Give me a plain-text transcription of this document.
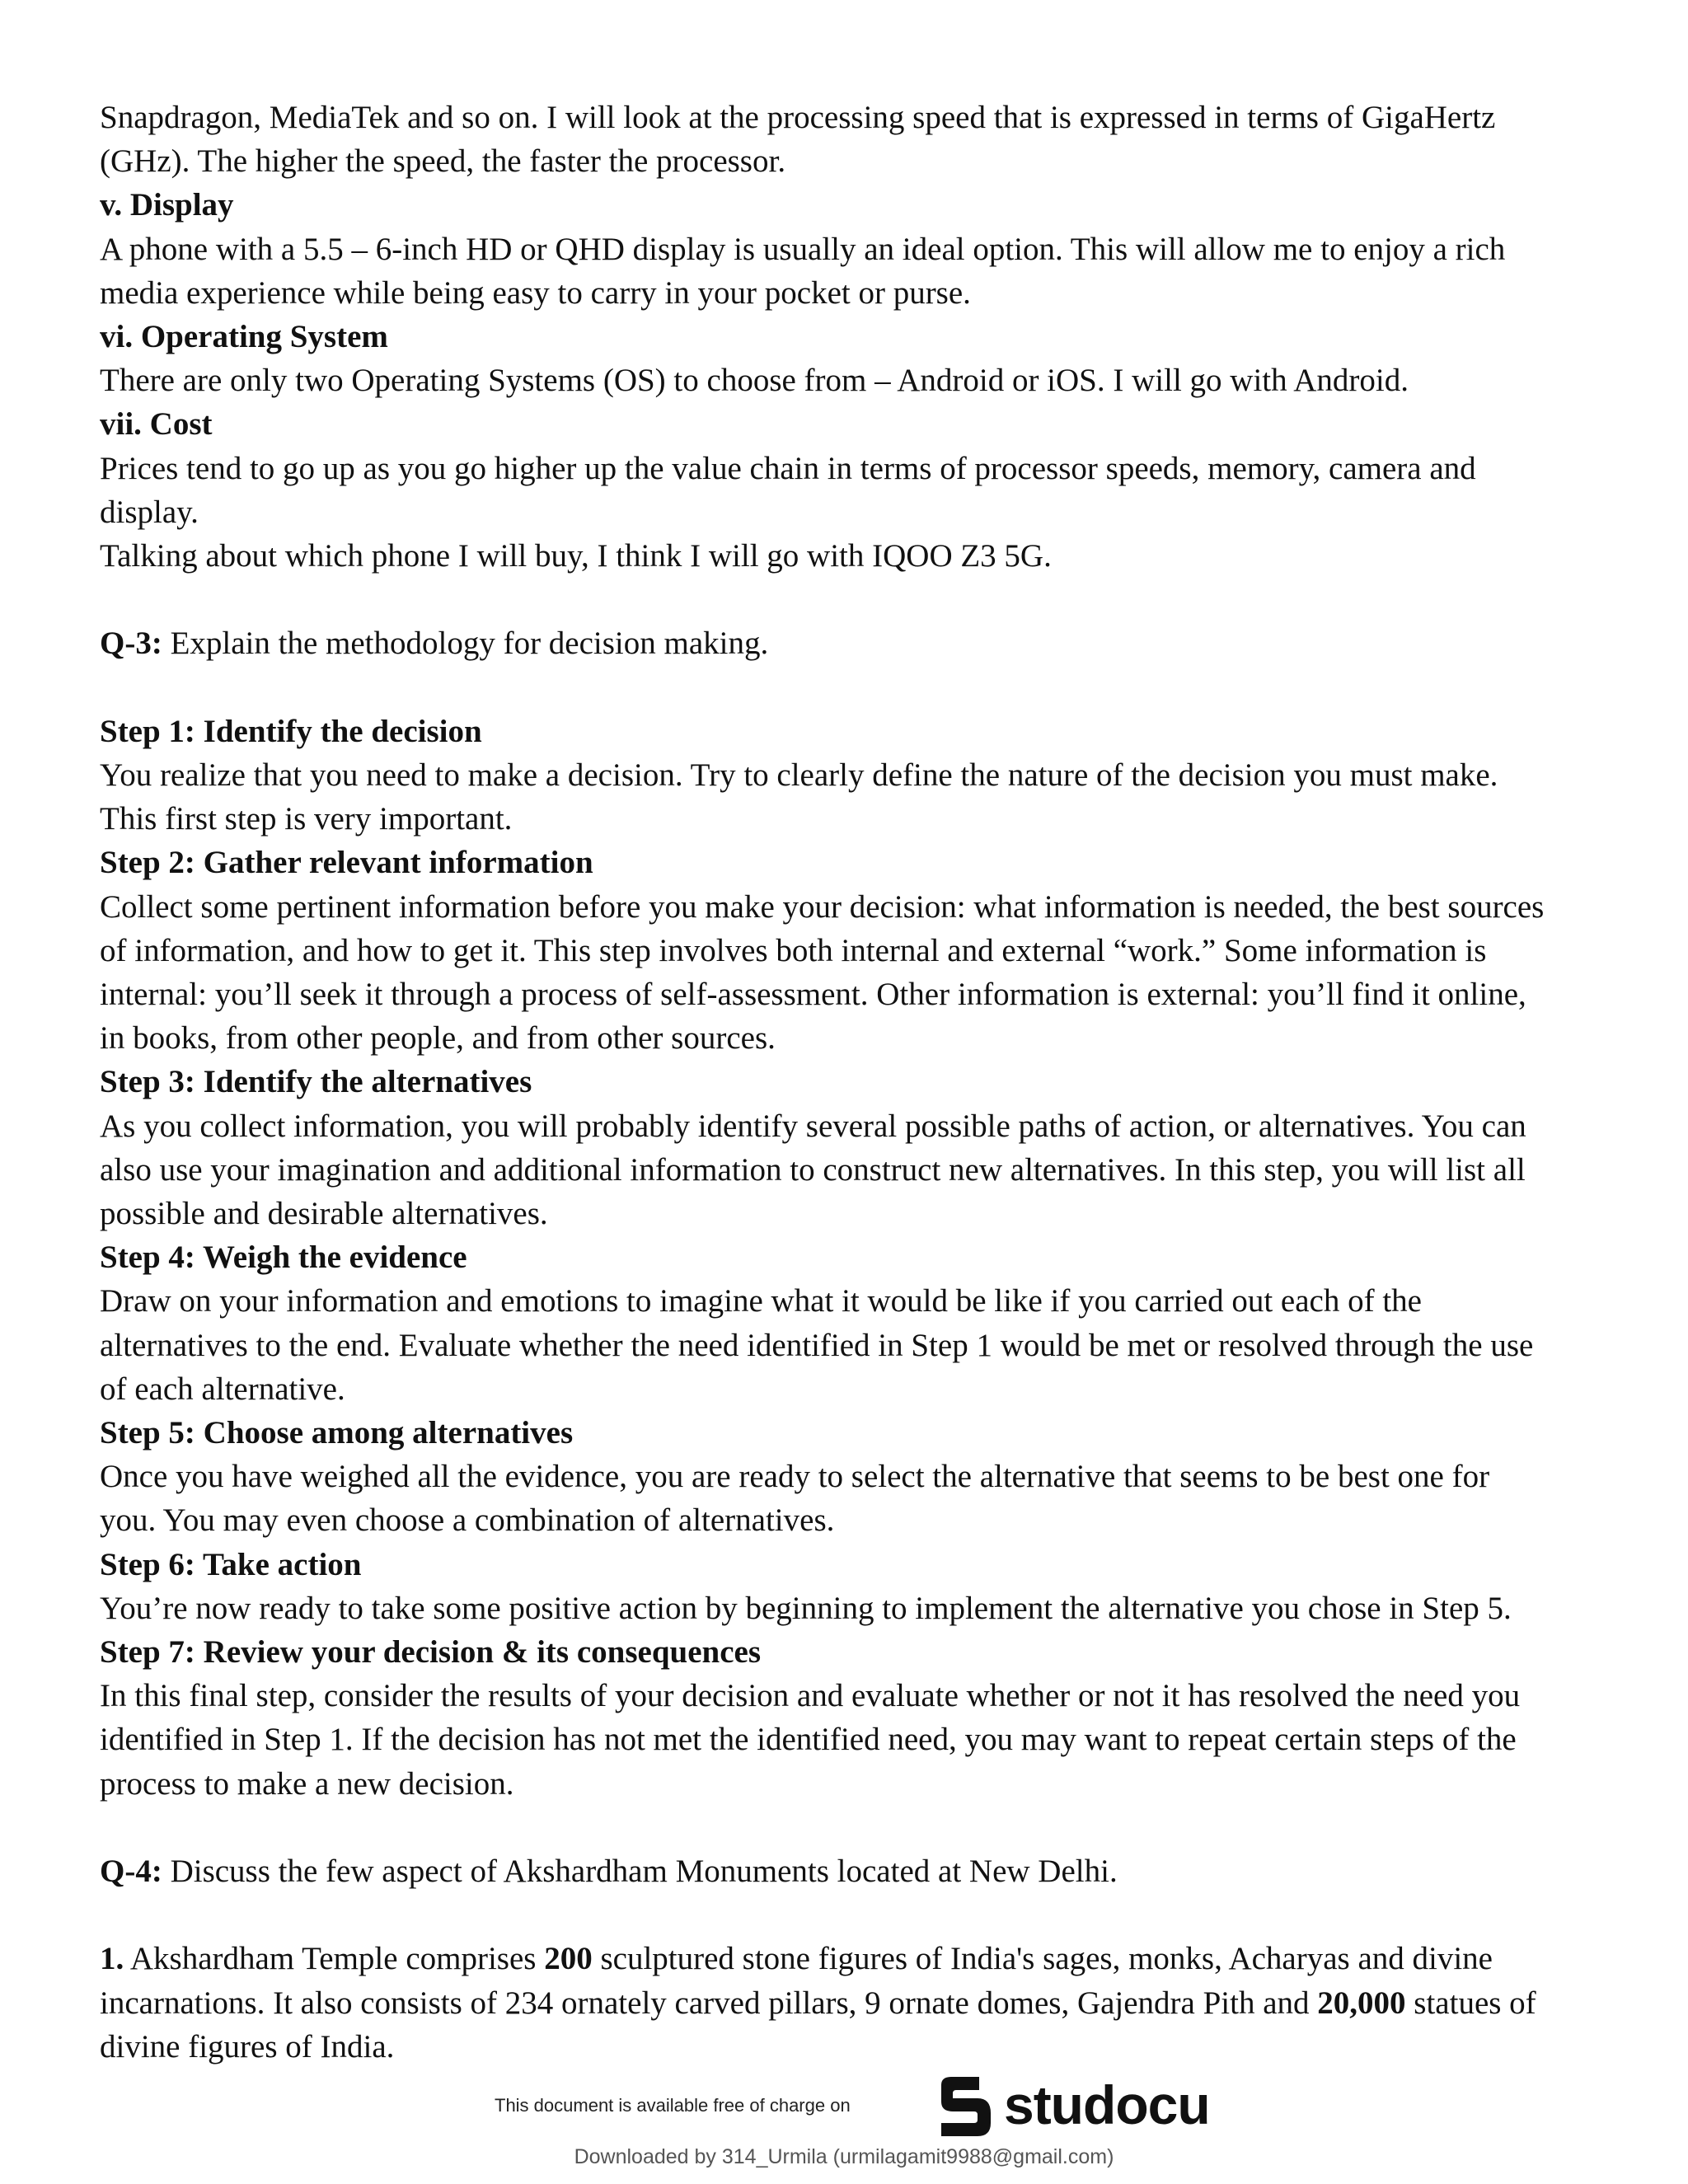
Snapdragon, MediaTek and so on. I will look at the processing speed that is expressed in terms of GigaHertz

(GHz). The higher the speed, the faster the processor.

v. Display

A phone with a 5.5 – 6-inch HD or QHD display is usually an ideal option. This will allow me to enjoy a rich

media experience while being easy to carry in your pocket or purse.

vi. Operating System

There are only two Operating Systems (OS) to choose from – Android or iOS. I will go with Android.

vii. Cost

Prices tend to go up as you go higher up the value chain in terms of processor speeds, memory, camera and

display.

Talking about which phone I will buy, I think I will go with IQOO Z3 5G.

Q-3: Explain the methodology for decision making.

Step 1: Identify the decision

You realize that you need to make a decision. Try to clearly define the nature of the decision you must make.

This first step is very important.

Step 2: Gather relevant information

Collect some pertinent information before you make your decision: what information is needed, the best sources

of information, and how to get it. This step involves both internal and external “work.” Some information is

internal: you’ll seek it through a process of self-assessment. Other information is external: you’ll find it online,

in books, from other people, and from other sources.

Step 3: Identify the alternatives

As you collect information, you will probably identify several possible paths of action, or alternatives. You can

also use your imagination and additional information to construct new alternatives. In this step, you will list all

possible and desirable alternatives.

Step 4: Weigh the evidence

Draw on your information and emotions to imagine what it would be like if you carried out each of the

alternatives to the end. Evaluate whether the need identified in Step 1 would be met or resolved through the use

of each alternative.

Step 5: Choose among alternatives

Once you have weighed all the evidence, you are ready to select the alternative that seems to be best one for

you. You may even choose a combination of alternatives.

Step 6: Take action

You’re now ready to take some positive action by beginning to implement the alternative you chose in Step 5.

Step 7: Review your decision & its consequences

In this final step, consider the results of your decision and evaluate whether or not it has resolved the need you

identified in Step 1. If the decision has not met the identified need, you may want to repeat certain steps of the

process to make a new decision.

Q-4: Discuss the few aspect of Akshardham Monuments located at New Delhi.

1. Akshardham Temple comprises 200 sculptured stone figures of India's sages, monks, Acharyas and divine

incarnations. It also consists of 234 ornately carved pillars, 9 ornate domes, Gajendra Pith and 20,000 statues of

divine figures of India.

This document is available free of charge on	studocu
Downloaded by 314_Urmila (urmilagamit9988@gmail.com)
